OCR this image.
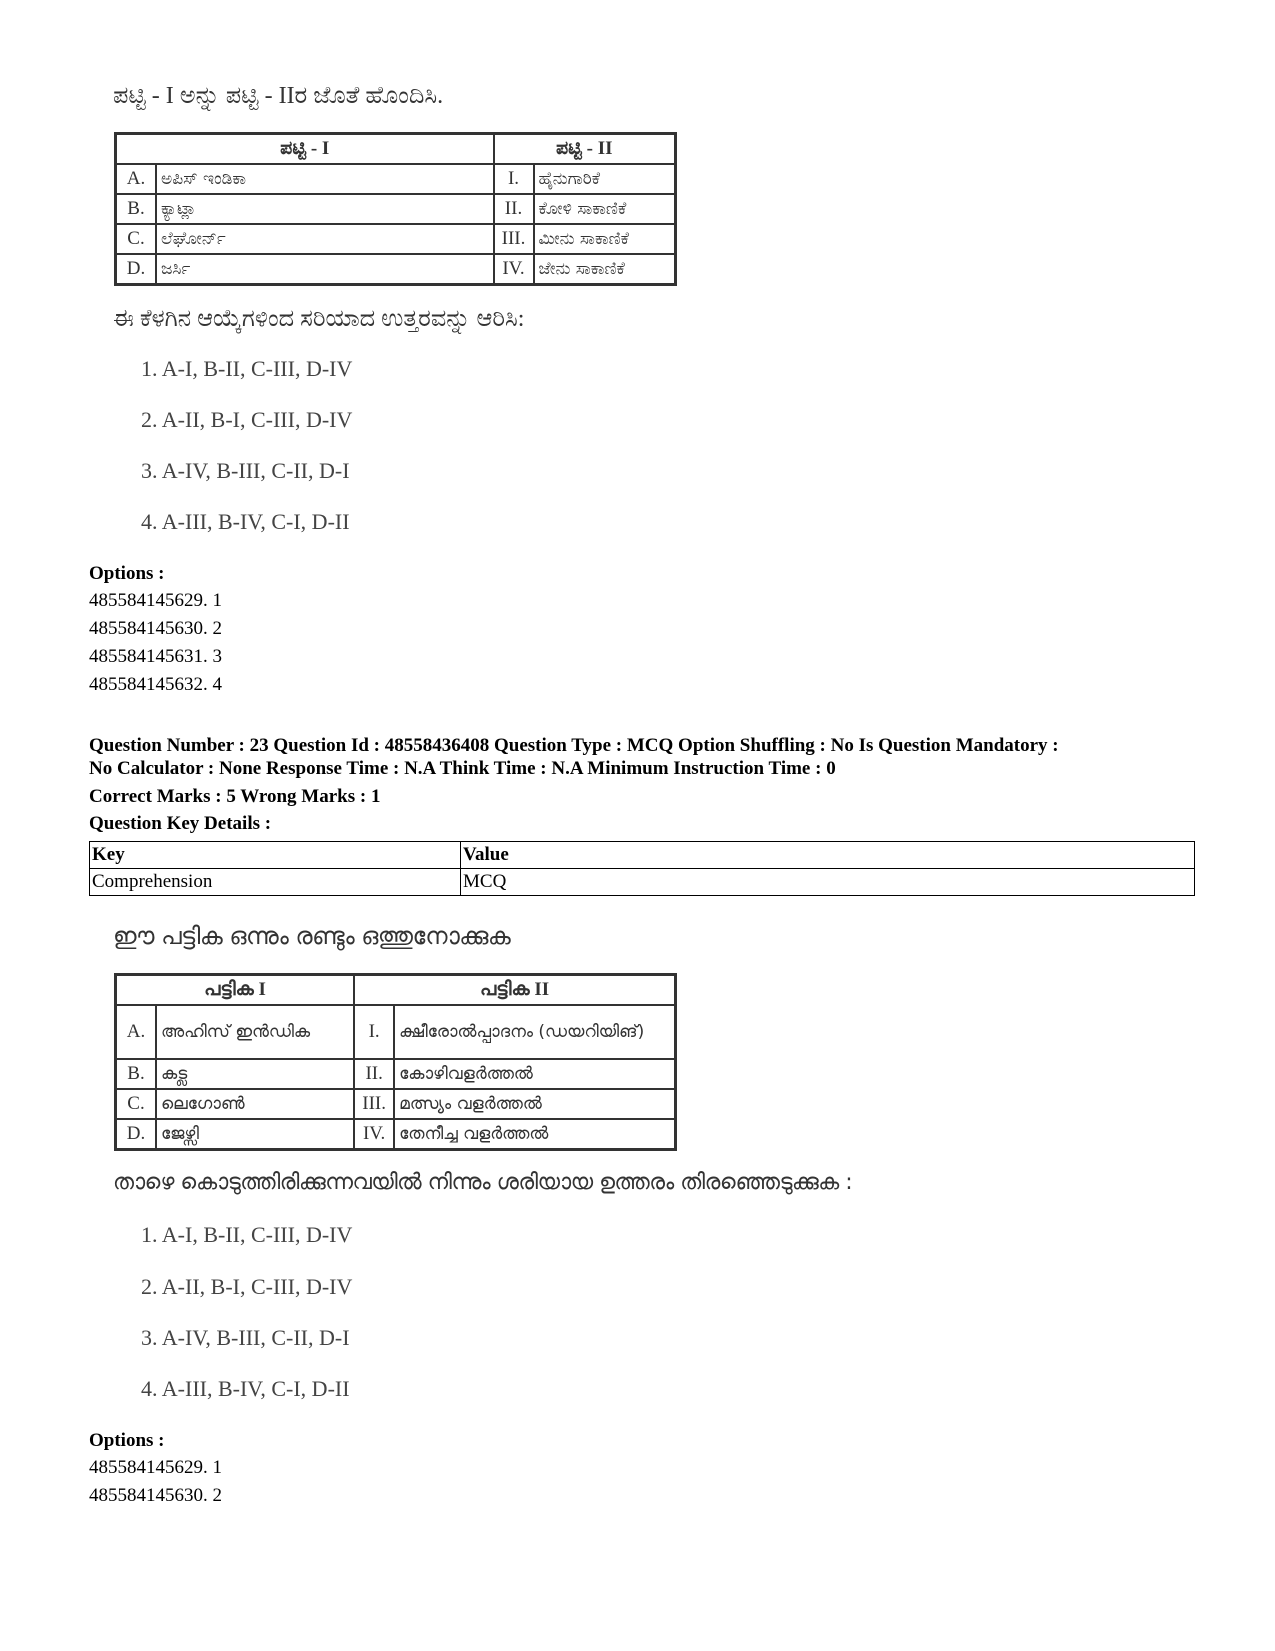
ಪಟ್ಟಿ - I ಅನ್ನು ಪಟ್ಟಿ - IIರ ಜೊತೆ ಹೊಂದಿಸಿ.
ಪಟ್ಟಿ - I		ಪಟ್ಟಿ - II	
A.	ಅಪಿಸ್ ಇಂಡಿಕಾ	I.	ಹೈನುಗಾರಿಕೆ
B.	ಕ್ಯಾಟ್ಲಾ	II.	ಕೋಳಿ ಸಾಕಾಣಿಕೆ
C.	ಲೆಘೋರ್ನ್	III.	ಮೀನು ಸಾಕಾಣಿಕೆ
D.	ಜರ್ಸಿ	IV.	ಜೇನು ಸಾಕಾಣಿಕೆ
ಈ ಕೆಳಗಿನ ಆಯ್ಕೆಗಳಿಂದ ಸರಿಯಾದ ಉತ್ತರವನ್ನು ಆರಿಸಿ:
1. A-I, B-II, C-III, D-IV
2. A-II, B-I, C-III, D-IV
3. A-IV, B-III, C-II, D-I
4. A-III, B-IV, C-I, D-II
Options :
485584145629. 1
485584145630. 2
485584145631. 3
485584145632. 4
Question Number : 23 Question Id : 48558436408 Question Type : MCQ Option Shuffling : No Is Question Mandatory :
No Calculator : None Response Time : N.A Think Time : N.A Minimum Instruction Time : 0
Correct Marks : 5 Wrong Marks : 1
Question Key Details :
Key	Value
Comprehension	MCQ
ഈ പട്ടിക ഒന്നും രണ്ടും ഒത്തുനോക്കുക
പട്ടിക I		പട്ടിക II	
A.	അഹിസ് ഇൻഡിക	I.	ക്ഷീരോൽപ്പാദനം (ഡയറിയിങ്)
B.	കട്ല	II.	കോഴിവളർത്തൽ
C.	ലെഗോൺ	III.	മത്സ്യം വളർത്തൽ
D.	ജേഴ്സി	IV.	തേനീച്ച വളർത്തൽ
താഴെ കൊടുത്തിരിക്കുന്നവയിൽ നിന്നും ശരിയായ ഉത്തരം തിരഞ്ഞെടുക്കുക :
1. A-I, B-II, C-III, D-IV
2. A-II, B-I, C-III, D-IV
3. A-IV, B-III, C-II, D-I
4. A-III, B-IV, C-I, D-II
Options :
485584145629. 1
485584145630. 2
